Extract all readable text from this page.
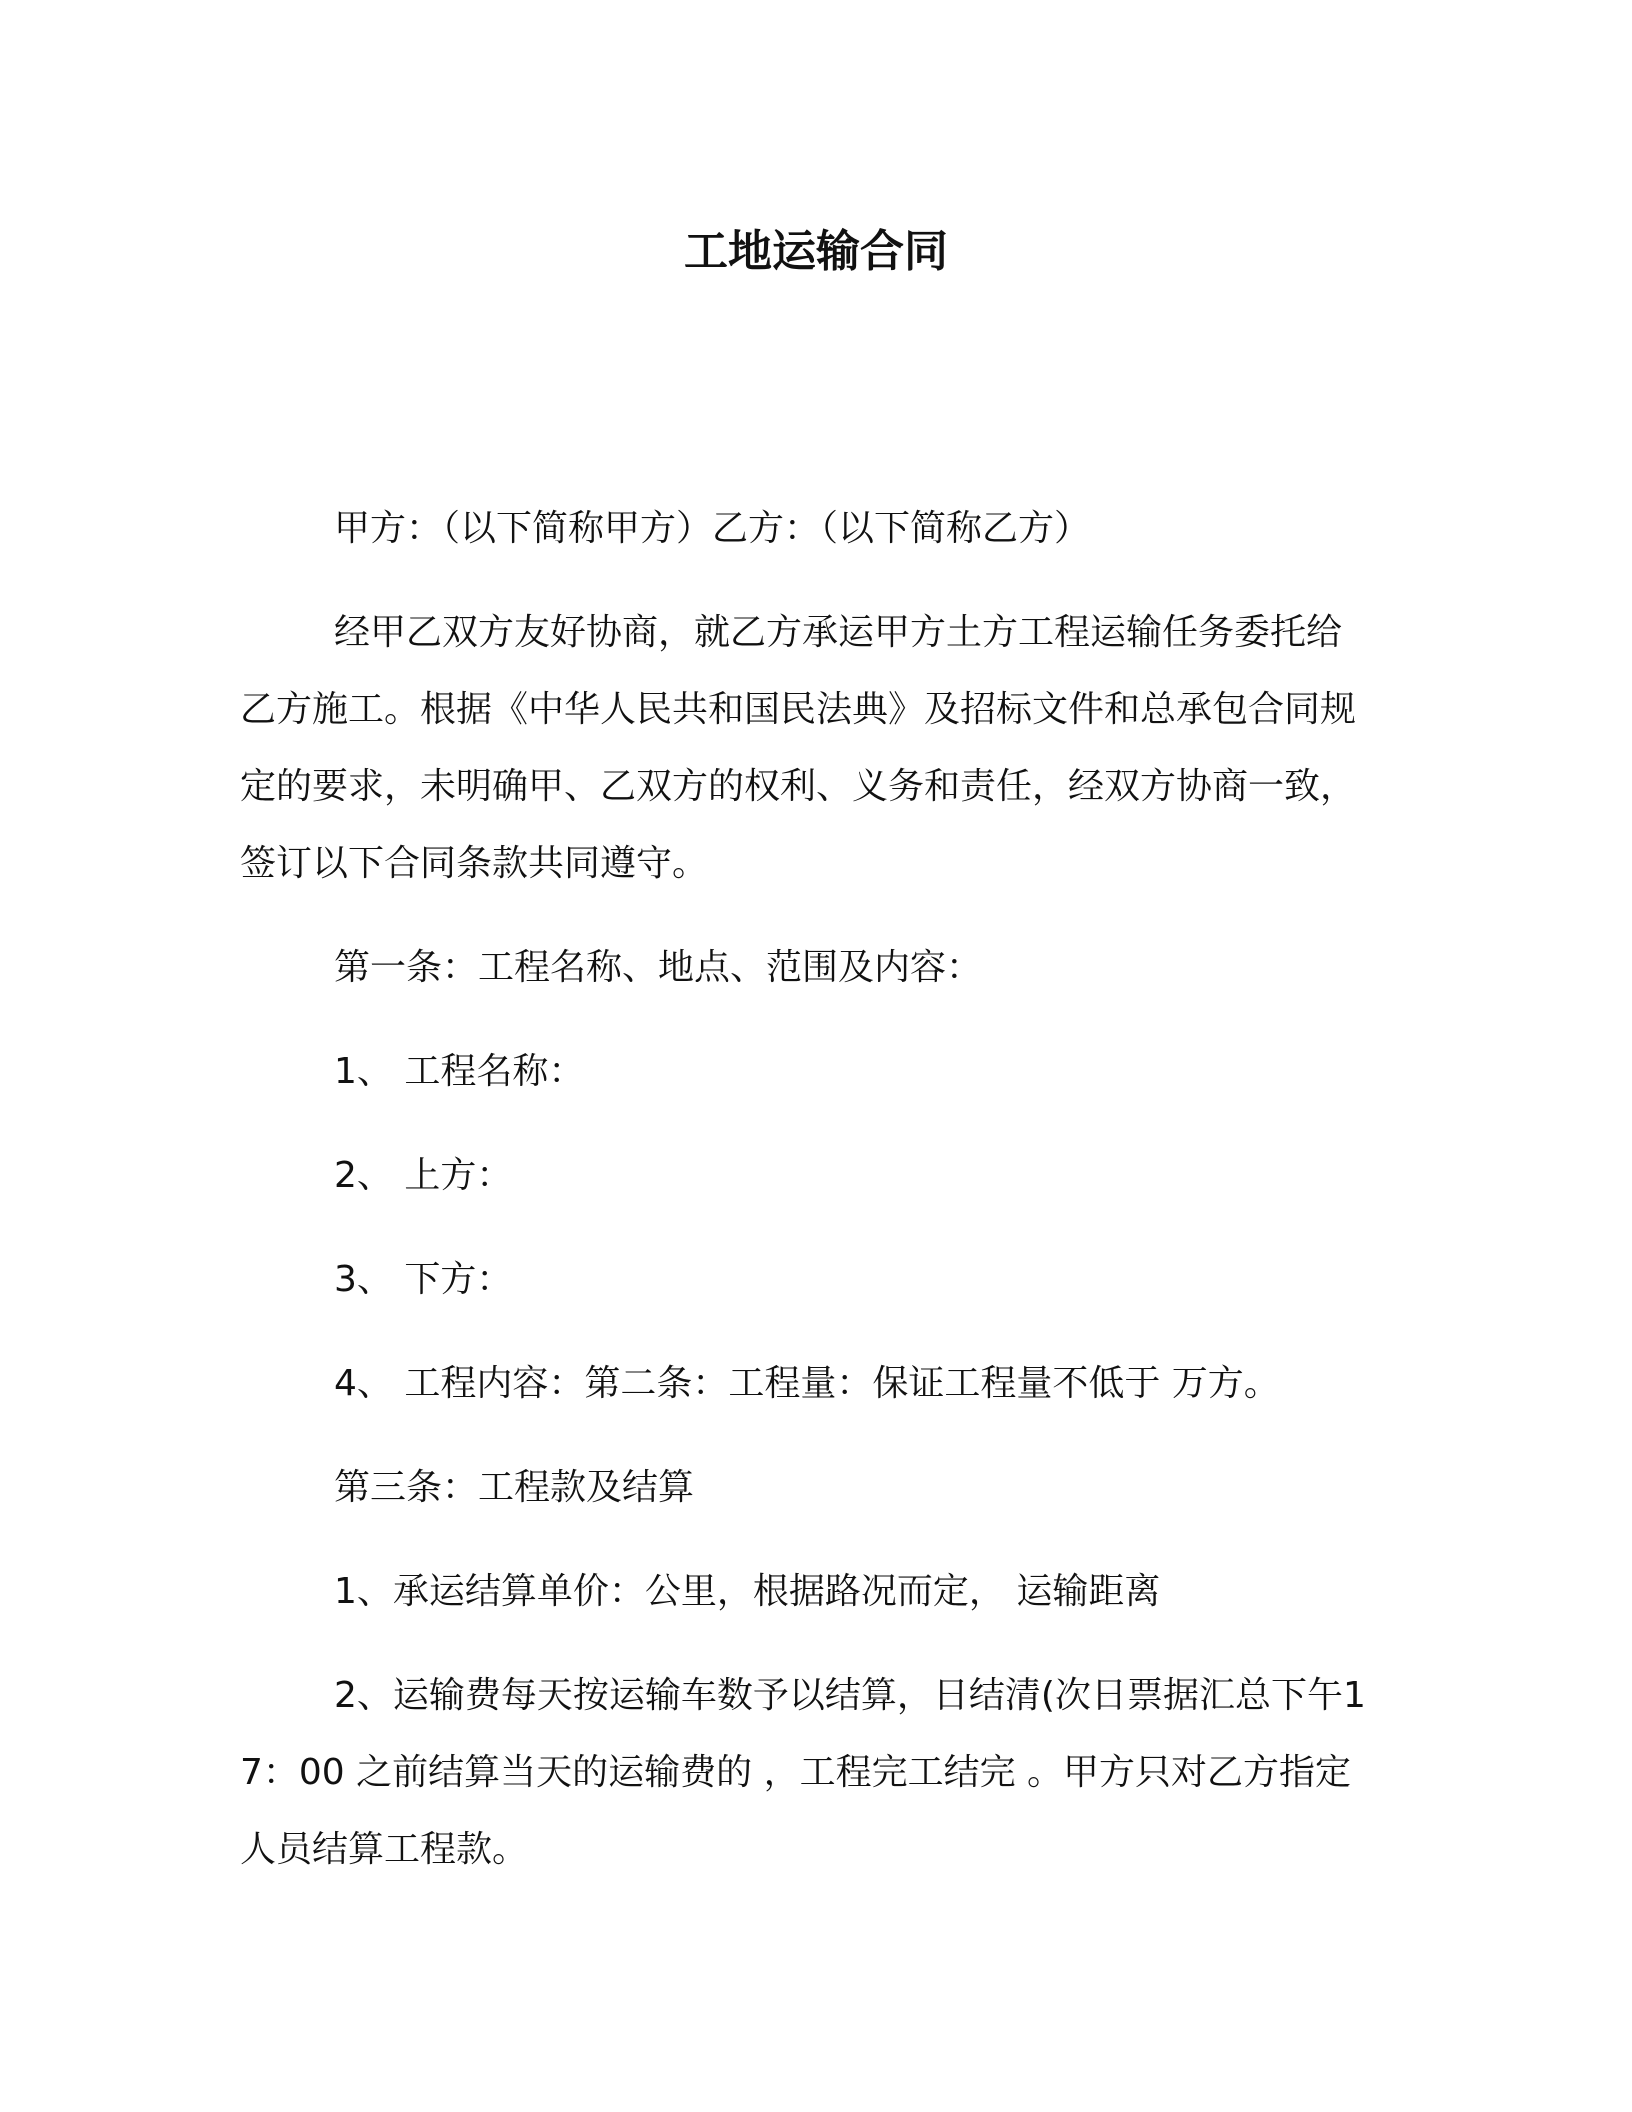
工地运输合同

甲方：（以下简称甲方）乙方：（以下简称乙方）

经甲乙双方友好协商，就乙方承运甲方土方工程运输任务委托给乙方施工。根据《中华人民共和国民法典》及招标文件和总承包合同规定的要求，未明确甲、乙双方的权利、义务和责任，经双方协商一致，签订以下合同条款共同遵守。

第一条：工程名称、地点、范围及内容：

1、 工程名称：

2、 上方：

3、 下方：

4、 工程内容：第二条：工程量：保证工程量不低于 万方。

第三条：工程款及结算

1、承运结算单价：公里，根据路况而定， 运输距离

2、运输费每天按运输车数予以结算，日结清(次日票据汇总下午17：00 之前结算当天的运输费的 ，工程完工结完 。甲方只对乙方指定人员结算工程款。
